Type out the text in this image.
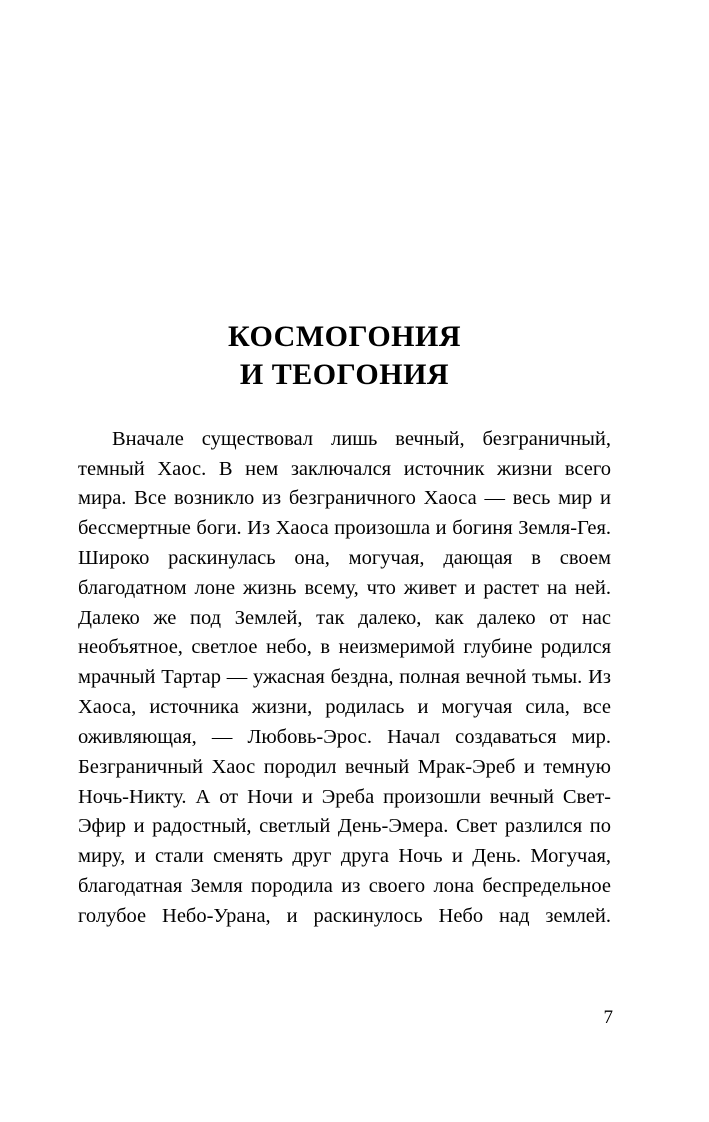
КОСМОГОНИЯ
И ТЕОГОНИЯ

Вначале существовал лишь вечный, безграничный, темный Хаос. В нем заключался источник жизни всего мира. Все возникло из безграничного Хаоса — весь мир и бессмертные боги. Из Хаоса произошла и богиня Земля-Гея. Широко раскинулась она, могучая, дающая в своем благодатном лоне жизнь всему, что живет и растет на ней. Далеко же под Землей, так далеко, как далеко от нас необъятное, светлое небо, в неизмеримой глубине родился мрачный Тартар — ужасная бездна, полная вечной тьмы. Из Хаоса, источника жизни, родилась и могучая сила, все оживляющая, — Любовь-Эрос. Начал создаваться мир. Безграничный Хаос породил вечный Мрак-Эреб и темную Ночь-Никту. А от Ночи и Эреба произошли вечный Свет-Эфир и радостный, светлый День-Эмера. Свет разлился по миру, и стали сменять друг друга Ночь и День. Могучая, благодатная Земля породила из своего лона беспредельное голубое Небо-Урана, и раскинулось Небо над землей.

7
